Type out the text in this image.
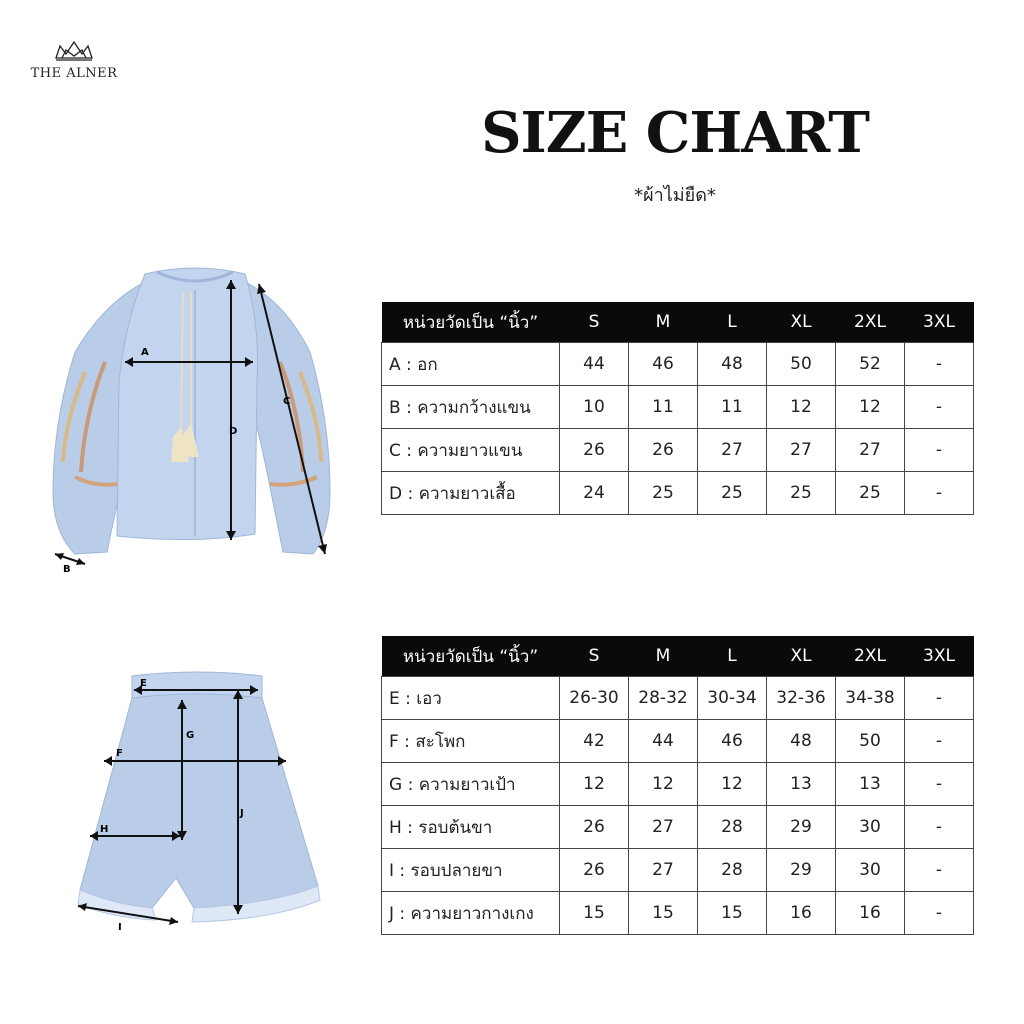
THE ALNER
SIZE CHART
*ผ้าไม่ยืด*
A
D
C
B
E
F
G
H
J
I
หน่วยวัดเป็น “นิ้ว”	S	M	L	XL	2XL	3XL
A : อก	44	46	48	50	52	-
B : ความกว้างแขน	10	11	11	12	12	-
C : ความยาวแขน	26	26	27	27	27	-
D : ความยาวเสื้อ	24	25	25	25	25	-
หน่วยวัดเป็น “นิ้ว”	S	M	L	XL	2XL	3XL
E : เอว	26-30	28-32	30-34	32-36	34-38	-
F : สะโพก	42	44	46	48	50	-
G : ความยาวเป้า	12	12	12	13	13	-
H : รอบต้นขา	26	27	28	29	30	-
I : รอบปลายขา	26	27	28	29	30	-
J : ความยาวกางเกง	15	15	15	16	16	-
